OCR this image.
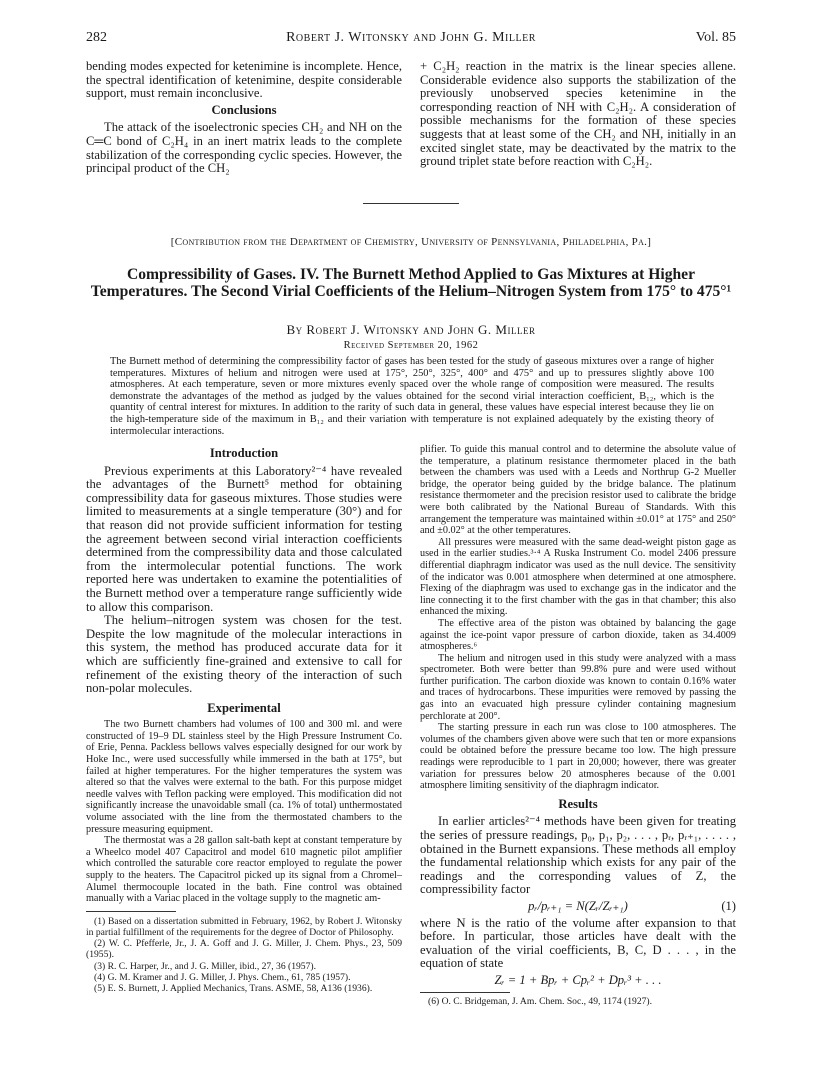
282	Robert J. Witonsky and John G. Miller	Vol. 85

bending modes expected for ketenimine is incomplete. Hence, the spectral identification of ketenimine, despite considerable support, must remain inconclusive.

Conclusions

The attack of the isoelectronic species CH₂ and NH on the C═C bond of C₂H₄ in an inert matrix leads to the complete stabilization of the corresponding cyclic species. However, the principal product of the CH₂

+ C₂H₂ reaction in the matrix is the linear species allene. Considerable evidence also supports the stabilization of the previously unobserved species ketenimine in the corresponding reaction of NH with C₂H₂. A consideration of possible mechanisms for the formation of these species suggests that at least some of the CH₂ and NH, initially in an excited singlet state, may be deactivated by the matrix to the ground triplet state before reaction with C₂H₂.

[Contribution from the Department of Chemistry, University of Pennsylvania, Philadelphia, Pa.]
Compressibility of Gases. IV. The Burnett Method Applied to Gas Mixtures at Higher Temperatures. The Second Virial Coefficients of the Helium–Nitrogen System from 175° to 475°¹
By Robert J. Witonsky and John G. Miller
Received September 20, 1962
The Burnett method of determining the compressibility factor of gases has been tested for the study of gaseous mixtures over a range of higher temperatures. Mixtures of helium and nitrogen were used at 175°, 250°, 325°, 400° and 475° and up to pressures slightly above 100 atmospheres. At each temperature, seven or more mixtures evenly spaced over the whole range of composition were measured. The results demonstrate the advantages of the method as judged by the values obtained for the second virial interaction coefficient, B₁₂, which is the quantity of central interest for mixtures. In addition to the rarity of such data in general, these values have especial interest because they lie on the high-temperature side of the maximum in B₁₂ and their variation with temperature is not explained adequately by the existing theory of intermolecular interactions.
Introduction

Previous experiments at this Laboratory²⁻⁴ have revealed the advantages of the Burnett⁵ method for obtaining compressibility data for gaseous mixtures. Those studies were limited to measurements at a single temperature (30°) and for that reason did not provide sufficient information for testing the agreement between second virial interaction coefficients determined from the compressibility data and those calculated from the intermolecular potential functions. The work reported here was undertaken to examine the potentialities of the Burnett method over a temperature range sufficiently wide to allow this comparison.

The helium–nitrogen system was chosen for the test. Despite the low magnitude of the molecular interactions in this system, the method has produced accurate data for it which are sufficiently fine-grained and extensive to call for refinement of the existing theory of the interaction of such non-polar molecules.

Experimental

The two Burnett chambers had volumes of 100 and 300 ml. and were constructed of 19–9 DL stainless steel by the High Pressure Instrument Co. of Erie, Penna. Packless bellows valves especially designed for our work by Hoke Inc., were used successfully while immersed in the bath at 175°, but failed at higher temperatures. For the higher temperatures the system was altered so that the valves were external to the bath. For this purpose midget needle valves with Teflon packing were employed. This modification did not significantly increase the unavoidable small (ca. 1% of total) unthermostated volume associated with the line from the thermostated chambers to the pressure measuring equipment.

The thermostat was a 28 gallon salt-bath kept at constant temperature by a Wheelco model 407 Capacitrol and model 610 magnetic pilot amplifier which controlled the saturable core reactor employed to regulate the power supply to the heaters. The Capacitrol picked up its signal from a Chromel–Alumel thermocouple located in the bath. Fine control was obtained manually with a Variac placed in the voltage supply to the magnetic am-

(1) Based on a dissertation submitted in February, 1962, by Robert J. Witonsky in partial fulfillment of the requirements for the degree of Doctor of Philosophy.

(2) W. C. Pfefferle, Jr., J. A. Goff and J. G. Miller, J. Chem. Phys., 23, 509 (1955).

(3) R. C. Harper, Jr., and J. G. Miller, ibid., 27, 36 (1957).

(4) G. M. Kramer and J. G. Miller, J. Phys. Chem., 61, 785 (1957).

(5) E. S. Burnett, J. Applied Mechanics, Trans. ASME, 58, A136 (1936).

plifier. To guide this manual control and to determine the absolute value of the temperature, a platinum resistance thermometer placed in the bath between the chambers was used with a Leeds and Northrup G-2 Mueller bridge, the operator being guided by the bridge balance. The platinum resistance thermometer and the precision resistor used to calibrate the bridge were both calibrated by the National Bureau of Standards. With this arrangement the temperature was maintained within ±0.01° at 175° and 250° and ±0.02° at the other temperatures.

All pressures were measured with the same dead-weight piston gage as used in the earlier studies.³·⁴ A Ruska Instrument Co. model 2406 pressure differential diaphragm indicator was used as the null device. The sensitivity of the indicator was 0.001 atmosphere when determined at one atmosphere. Flexing of the diaphragm was used to exchange gas in the indicator and the line connecting it to the first chamber with the gas in that chamber; this also enhanced the mixing.

The effective area of the piston was obtained by balancing the gage against the ice-point vapor pressure of carbon dioxide, taken as 34.4009 atmospheres.⁶

The helium and nitrogen used in this study were analyzed with a mass spectrometer. Both were better than 99.8% pure and were used without further purification. The carbon dioxide was known to contain 0.16% water and traces of hydrocarbons. These impurities were removed by passing the gas into an evacuated high pressure cylinder containing magnesium perchlorate at 200°.

The starting pressure in each run was close to 100 atmospheres. The volumes of the chambers given above were such that ten or more expansions could be obtained before the pressure became too low. The high pressure readings were reproducible to 1 part in 20,000; however, there was greater variation for pressures below 20 atmospheres because of the 0.001 atmosphere limiting sensitivity of the diaphragm indicator.

Results

In earlier articles²⁻⁴ methods have been given for treating the series of pressure readings, p₀, p₁, p₂, . . . , pᵣ, pᵣ₊₁, . . . . , obtained in the Burnett expansions. These methods all employ the fundamental relationship which exists for any pair of the readings and the corresponding values of Z, the compressibility factor

pᵣ/pᵣ₊₁ = N(Zᵣ/Zᵣ₊₁)	(1)

where N is the ratio of the volume after expansion to that before. In particular, those articles have dealt with the evaluation of the virial coefficients, B, C, D . . . , in the equation of state

Zᵣ = 1 + Bpᵣ + Cpᵣ² + Dpᵣ³ + . . .

(6) O. C. Bridgeman, J. Am. Chem. Soc., 49, 1174 (1927).
